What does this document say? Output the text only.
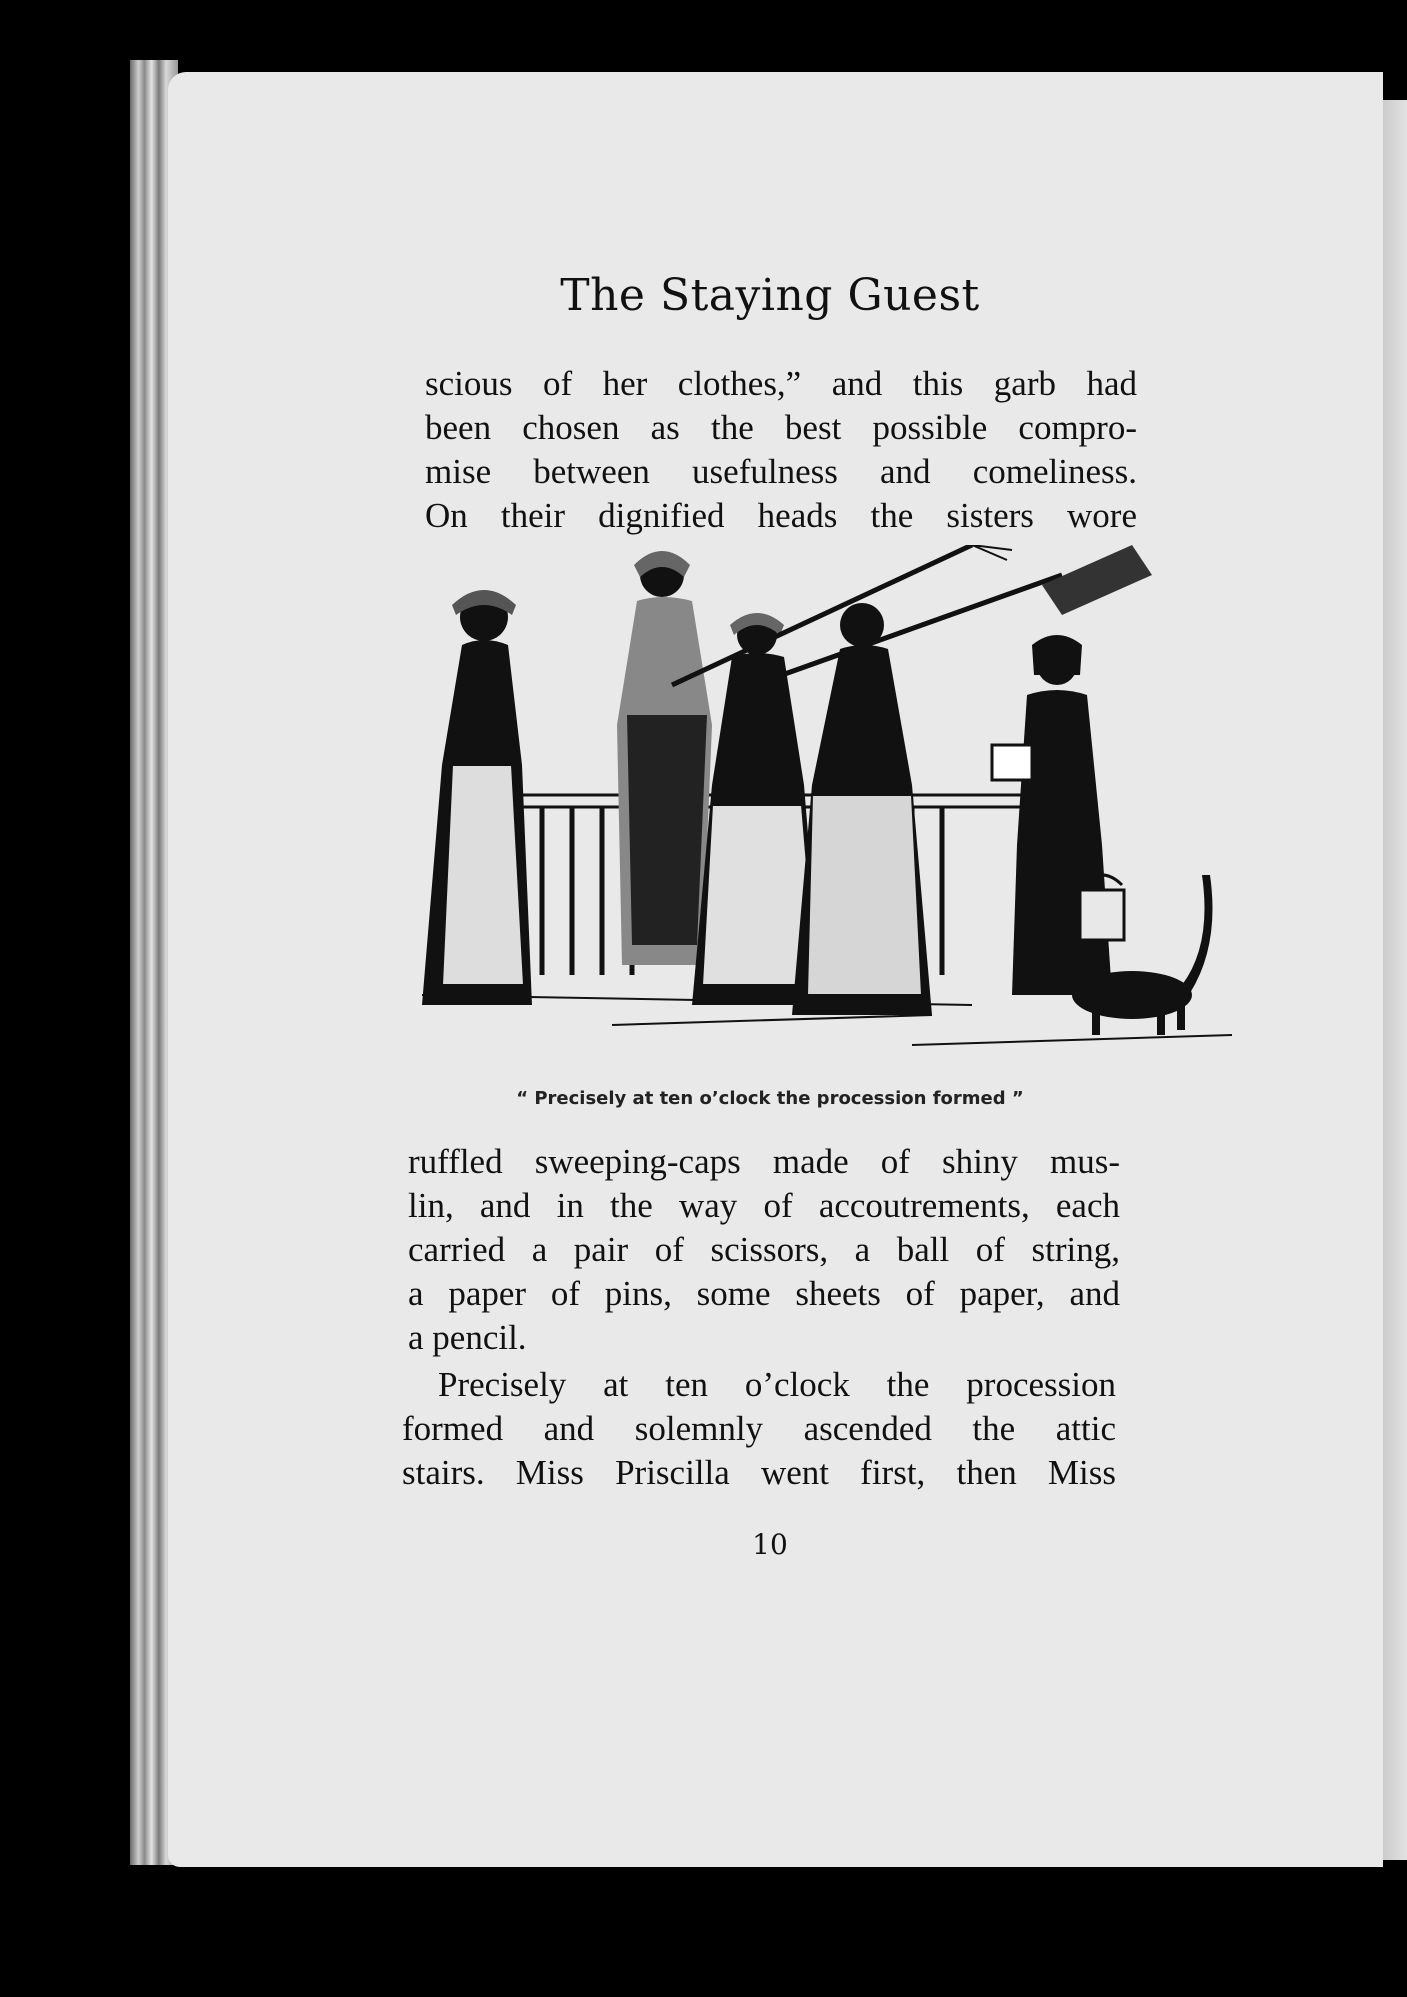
The Staying Guest

scious of her clothes,” and this garb had
been chosen as the best possible compro-
mise between usefulness and comeliness.
On their dignified heads the sisters wore

“ Precisely at ten o’clock the procession formed ”

ruffled sweeping-caps made of shiny mus-
lin, and in the way of accoutrements, each
carried a pair of scissors, a ball of string,
a paper of pins, some sheets of paper, and
a pencil.

Precisely at ten o’clock the procession
formed and solemnly ascended the attic
stairs. Miss Priscilla went first, then Miss

10
